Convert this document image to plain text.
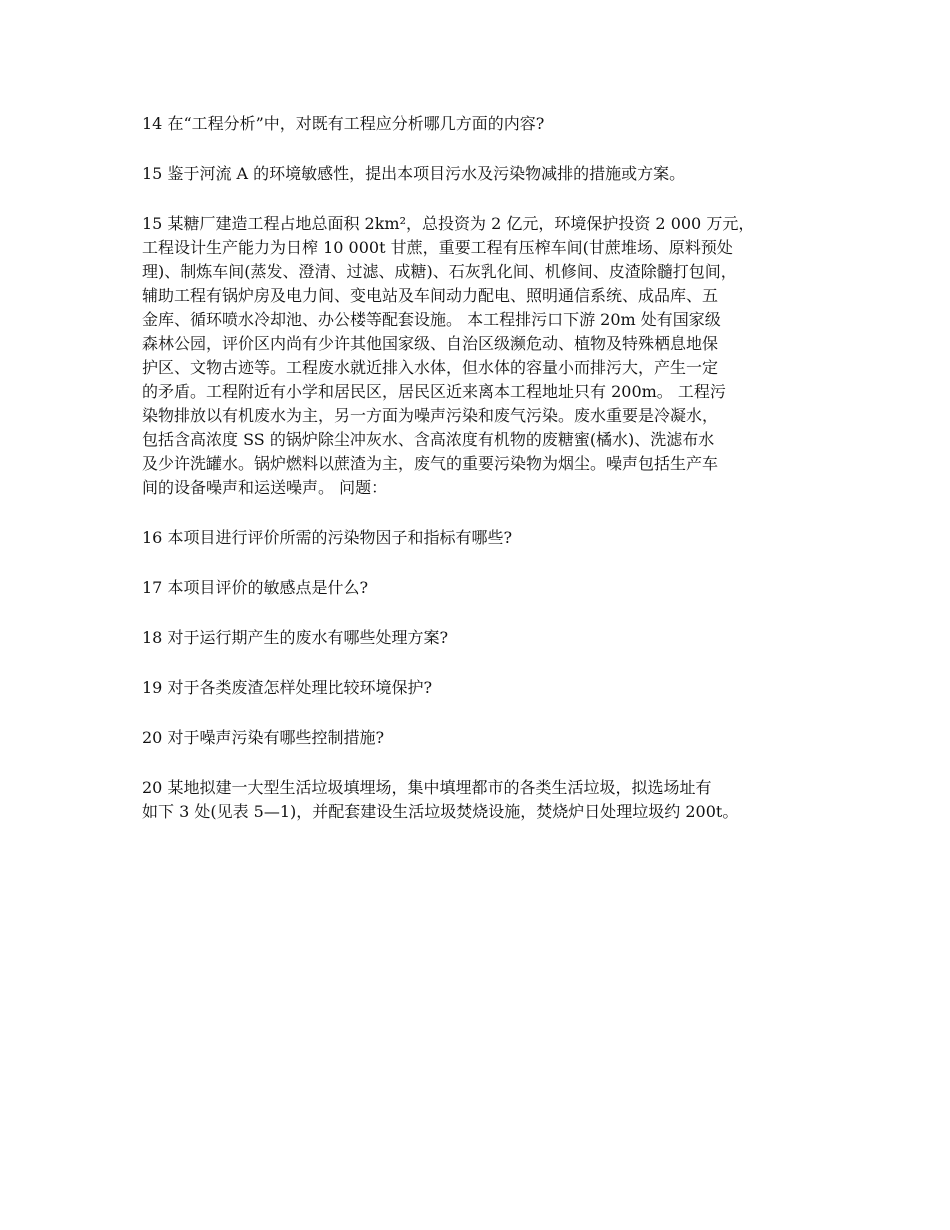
14 在“工程分析”中，对既有工程应分析哪几方面的内容?

15 鉴于河流 A 的环境敏感性，提出本项目污水及污染物减排的措施或方案。

15 某糖厂建造工程占地总面积 2km²，总投资为 2 亿元，环境保护投资 2 000 万元，
工程设计生产能力为日榨 10 000t 甘蔗，重要工程有压榨车间(甘蔗堆场、原料预处
理)、制炼车间(蒸发、澄清、过滤、成糖)、石灰乳化间、机修间、皮渣除髓打包间，
辅助工程有锅炉房及电力间、变电站及车间动力配电、照明通信系统、成品库、五
金库、循环喷水冷却池、办公楼等配套设施。 本工程排污口下游 20m 处有国家级
森林公园，评价区内尚有少许其他国家级、自治区级濒危动、植物及特殊栖息地保
护区、文物古迹等。工程废水就近排入水体，但水体的容量小而排污大，产生一定
的矛盾。工程附近有小学和居民区，居民区近来离本工程地址只有 200m。 工程污
染物排放以有机废水为主，另一方面为噪声污染和废气污染。废水重要是冷凝水，
包括含高浓度 SS 的锅炉除尘冲灰水、含高浓度有机物的废糖蜜(橘水)、洗滤布水
及少许洗罐水。锅炉燃料以蔗渣为主，废气的重要污染物为烟尘。噪声包括生产车
间的设备噪声和运送噪声。 问题：

16 本项目进行评价所需的污染物因子和指标有哪些?

17 本项目评价的敏感点是什么?

18 对于运行期产生的废水有哪些处理方案?

19 对于各类废渣怎样处理比较环境保护?

20 对于噪声污染有哪些控制措施?

20 某地拟建一大型生活垃圾填埋场，集中填埋都市的各类生活垃圾，拟选场址有
如下 3 处(见表 5—1)，并配套建设生活垃圾焚烧设施，焚烧炉日处理垃圾约 200t。
